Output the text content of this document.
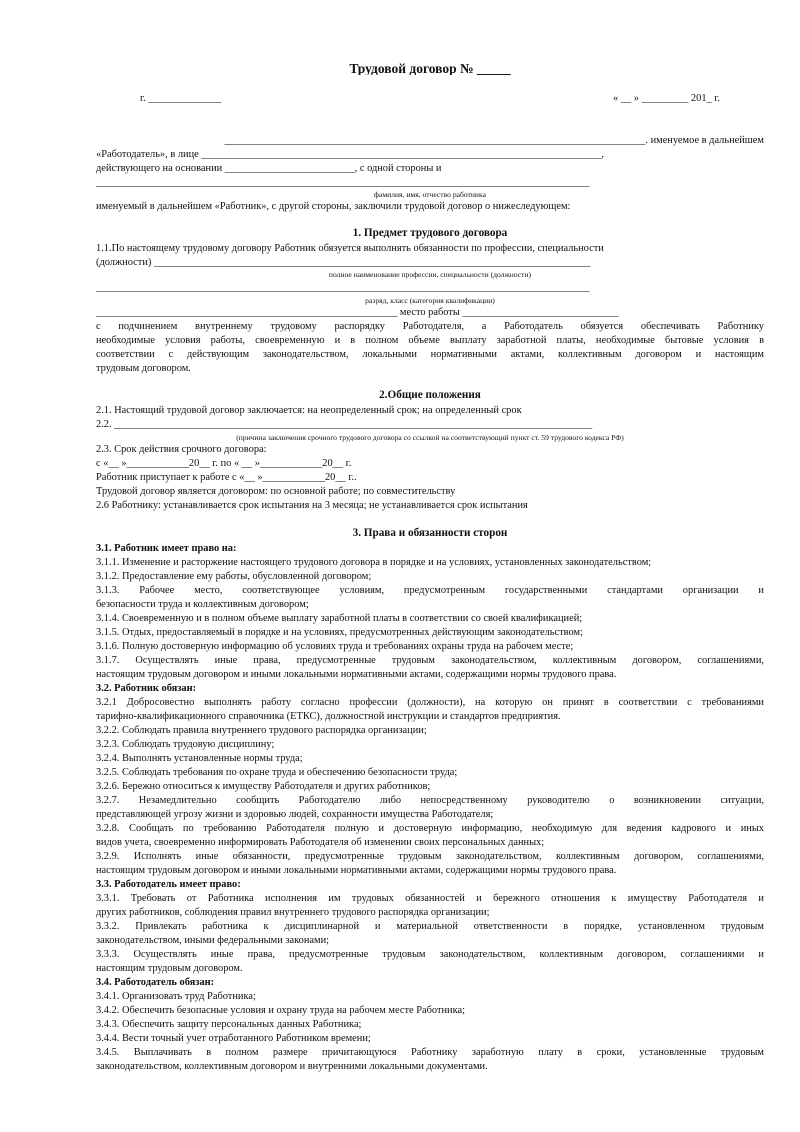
Трудовой договор № _____
г. ______________	« __ » _________ 201_ г.
_________________________________________________________________________________. именуемое в дальнейшем
«Работодатель», в лице _____________________________________________________________________________,
действующего на основании _________________________, с одной стороны и
_______________________________________________________________________________________________
фамилия, имя, отчество работника
именуемый в дальнейшем «Работник», с другой стороны, заключили трудовой договор о нижеследующем:
1. Предмет трудового договора
1.1.По настоящему трудовому договору Работник обязуется выполнять обязанности по профессии, специальности
(должности) ____________________________________________________________________________________
полное наименование профессии, специальности (должности)
_______________________________________________________________________________________________
разряд, класс (категория квалификации)
__________________________________________________________ место работы ______________________________
с подчинением внутреннему трудовому распорядку Работодателя, а Работодатель обязуется обеспечивать Работнику
необходимые условия работы, своевременную и в полном объеме выплату заработной платы, необходимые бытовые условия в
соответствии с действующим законодательством, локальными нормативными актами, коллективным договором и настоящим
трудовым договором.
2.Общие положения
2.1. Настоящий трудовой договор заключается: на неопределенный срок; на определенный срок
2.2. ____________________________________________________________________________________________
(причина заключения срочного трудового договора со ссылкой на соответствующий пункт ст. 59 трудового кодекса РФ)
2.3. Срок действия срочного договора:
с «__ »____________20__ г. по « __ »____________20__ г.
Работник приступает к работе с «__ »____________20__ г..
Трудовой договор является договором: по основной работе; по совместительству
2.6 Работнику: устанавливается срок испытания на 3 месяца; не устанавливается срок испытания
3. Права и обязанности сторон
3.1. Работник имеет право на:
3.1.1. Изменение и расторжение настоящего трудового договора в порядке и на условиях, установленных законодательством;
3.1.2. Предоставление ему работы, обусловленной договором;
3.1.3. Рабочее место, соответствующее условиям, предусмотренным государственными стандартами организации и
безопасности труда и коллективным договором;
3.1.4. Своевременную и в полном объеме выплату заработной платы в соответствии со своей квалификацией;
3.1.5. Отдых, предоставляемый в порядке и на условиях, предусмотренных действующим законодательством;
3.1.6. Полную достоверную информацию об условиях труда и требованиях охраны труда на рабочем месте;
3.1.7. Осуществлять иные права, предусмотренные трудовым законодательством, коллективным договором, соглашениями,
настоящим трудовым договором и иными локальными нормативными актами, содержащими нормы трудового права.
3.2. Работник обязан:
3.2.1 Добросовестно выполнять работу согласно профессии (должности), на которую он принят в соответствии с требованиями
тарифно-квалификационного справочника (ЕТКС), должностной инструкции и стандартов предприятия.
3.2.2. Соблюдать правила внутреннего трудового распорядка организации;
3.2.3. Соблюдать трудовую дисциплину;
3.2.4. Выполнять установленные нормы труда;
3.2.5. Соблюдать требования по охране труда и обеспечению безопасности труда;
3.2.6. Бережно относиться к имуществу Работодателя и других работников;
3.2.7. Незамедлительно сообщить Работодателю либо непосредственному руководителю о возникновении ситуации,
представляющей угрозу жизни и здоровью людей, сохранности имущества Работодателя;
3.2.8. Сообщать по требованию Работодателя полную и достоверную информацию, необходимую для ведения кадрового и иных
видов учета, своевременно информировать Работодателя об изменении своих персональных данных;
3.2.9. Исполнять иные обязанности, предусмотренные трудовым законодательством, коллективным договором, соглашениями,
настоящим трудовым договором и иными локальными нормативными актами, содержащими нормы трудового права.
3.3. Работодатель имеет право:
3.3.1. Требовать от Работника исполнения им трудовых обязанностей и бережного отношения к имуществу Работодателя и
других работников, соблюдения правил внутреннего трудового распорядка организации;
3.3.2. Привлекать работника к дисциплинарной и материальной ответственности в порядке, установленном трудовым
законодательством, иными федеральными законами;
3.3.3. Осуществлять иные права, предусмотренные трудовым законодательством, коллективным договором, соглашениями и
настоящим трудовым договором.
3.4. Работодатель обязан:
3.4.1. Организовать труд Работника;
3.4.2. Обеспечить безопасные условия и охрану труда на рабочем месте Работника;
3.4.3. Обеспечить защиту персональных данных Работника;
3.4.4. Вести точный учет отработанного Работником времени;
3.4.5. Выплачивать в полном размере причитающуюся Работнику заработную плату в сроки, установленные трудовым
законодательством, коллективным договором и внутренними локальными документами.
